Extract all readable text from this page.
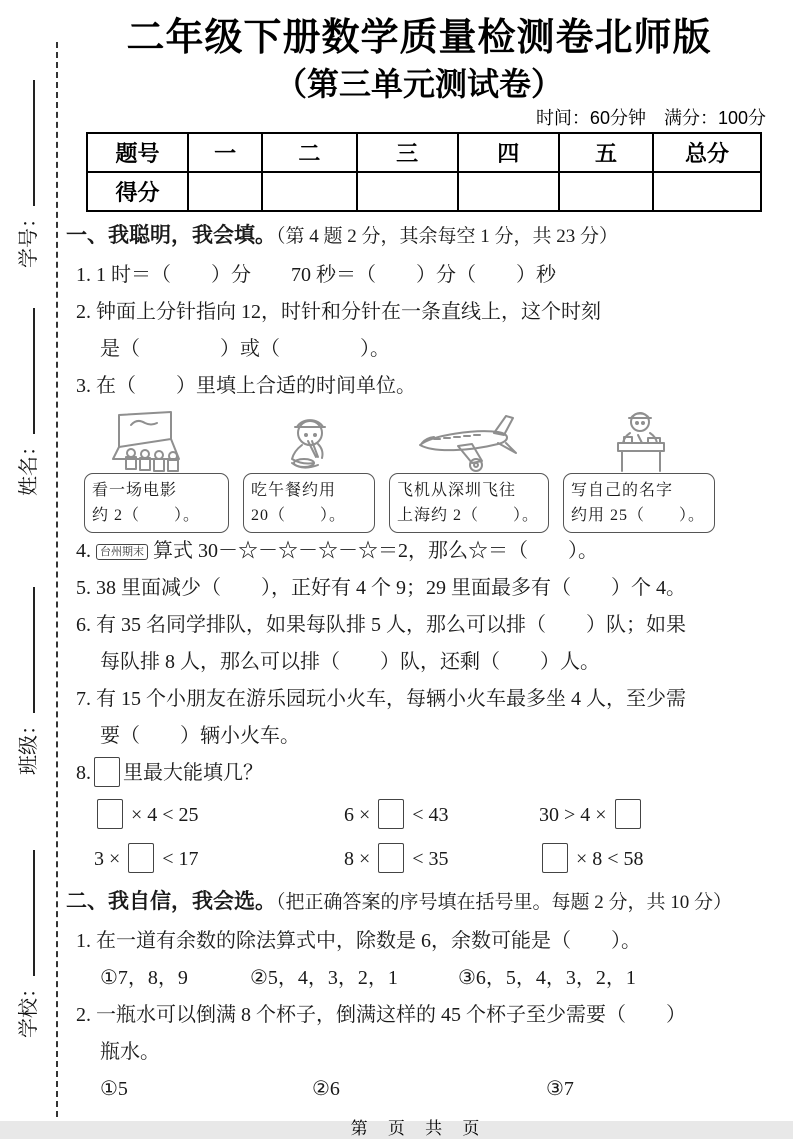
学号：
姓名：
班级：
学校：
二年级下册数学质量检测卷北师版
（第三单元测试卷）
时间：60分钟　满分：100分
题号	一	二	三	四	五	总分
得分						
一、我聪明，我会填。（第 4 题 2 分，其余每空 1 分，共 23 分）
1. 1 时＝（　　）分　　70 秒＝（　　）分（　　）秒
2. 钟面上分针指向 12，时针和分针在一条直线上，这个时刻
是（　　　　）或（　　　　）。
3. 在（　　）里填上合适的时间单位。
看一场电影
约 2（　　）。
吃午餐约用
20（　　）。
飞机从深圳飞往
上海约 2（　　）。
写自己的名字
约用 25（　　）。
4. 台州期末 算式 30－☆－☆－☆－☆＝2，那么☆＝（　　）。
5. 38 里面减少（　　），正好有 4 个 9；29 里面最多有（　　）个 4。
6. 有 35 名同学排队，如果每队排 5 人，那么可以排（　　）队；如果
每队排 8 人，那么可以排（　　）队，还剩（　　）人。
7. 有 15 个小朋友在游乐园玩小火车，每辆小火车最多坐 4 人，至少需
要（　　）辆小火车。
8. 里最大能填几？
× 4 < 25	6 ×  < 43	30 > 4 ×
3 ×  < 17	8 ×  < 35	× 8 < 58
二、我自信，我会选。（把正确答案的序号填在括号里。每题 2 分，共 10 分）
1. 在一道有余数的除法算式中，除数是 6，余数可能是（　　）。
①7，8，9	②5，4，3，2，1	③6，5，4，3，2，1
2. 一瓶水可以倒满 8 个杯子，倒满这样的 45 个杯子至少需要（　　）
瓶水。
①5	②6	③7
第 页 共 页
